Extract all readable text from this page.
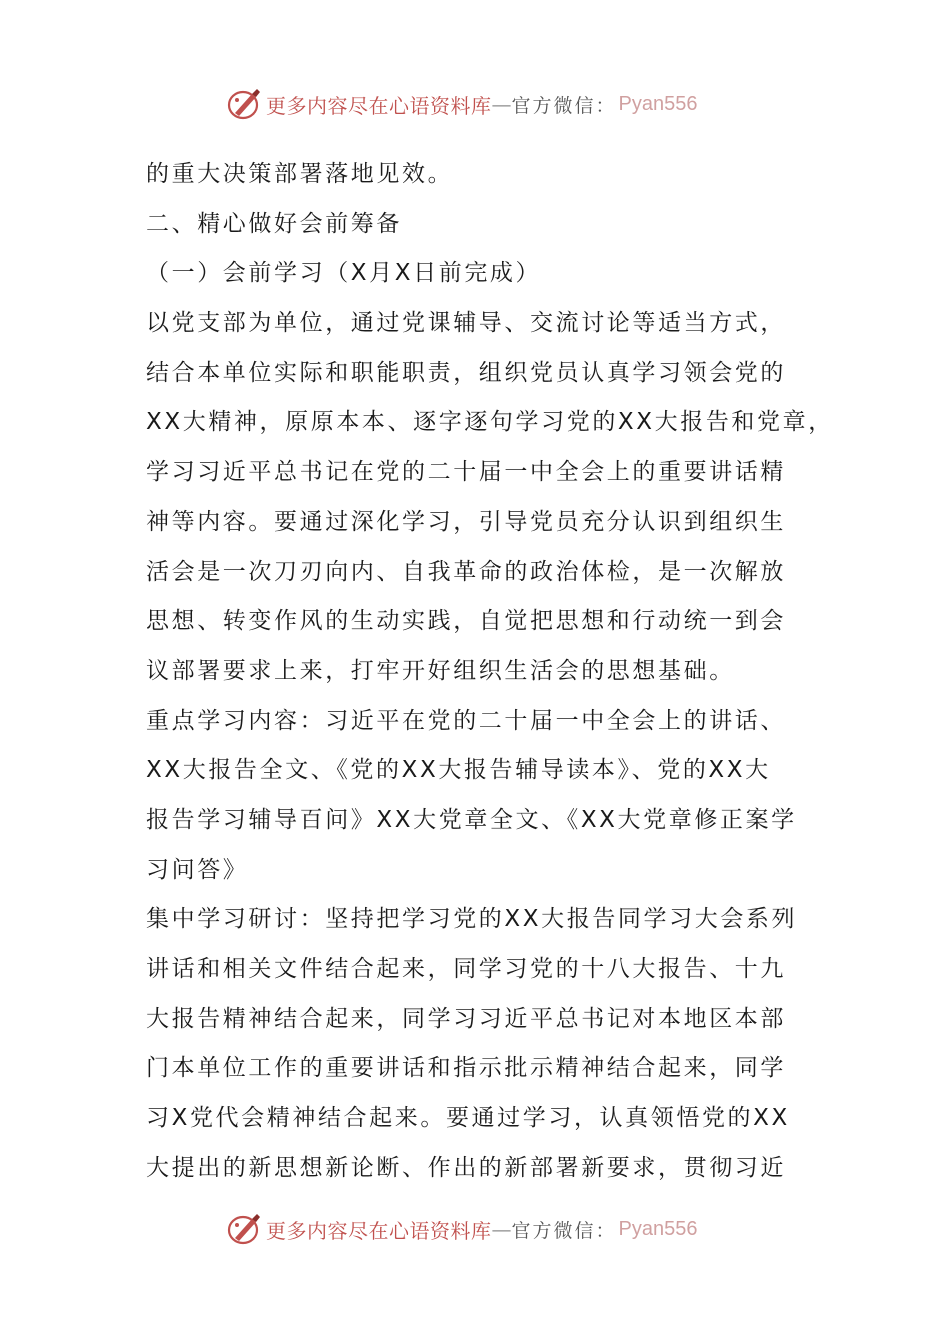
更多内容尽在心语资料库 — 官方微信： Pyan556
的重大决策部署落地见效。
二、精心做好会前筹备
（一）会前学习（X月X日前完成）
以党支部为单位，通过党课辅导、交流讨论等适当方式，
结合本单位实际和职能职责，组织党员认真学习领会党的
XX大精神，原原本本、逐字逐句学习党的XX大报告和党章，
学习习近平总书记在党的二十届一中全会上的重要讲话精
神等内容。要通过深化学习，引导党员充分认识到组织生
活会是一次刀刃向内、自我革命的政治体检，是一次解放
思想、转变作风的生动实践，自觉把思想和行动统一到会
议部署要求上来，打牢开好组织生活会的思想基础。
重点学习内容：习近平在党的二十届一中全会上的讲话、
XX大报告全文、《党的XX大报告辅导读本》、党的XX大
报告学习辅导百问》XX大党章全文、《XX大党章修正案学
习问答》
集中学习研讨：坚持把学习党的XX大报告同学习大会系列
讲话和相关文件结合起来，同学习党的十八大报告、十九
大报告精神结合起来，同学习习近平总书记对本地区本部
门本单位工作的重要讲话和指示批示精神结合起来，同学
习X党代会精神结合起来。要通过学习，认真领悟党的XX
大提出的新思想新论断、作出的新部署新要求，贯彻习近
更多内容尽在心语资料库 — 官方微信： Pyan556
